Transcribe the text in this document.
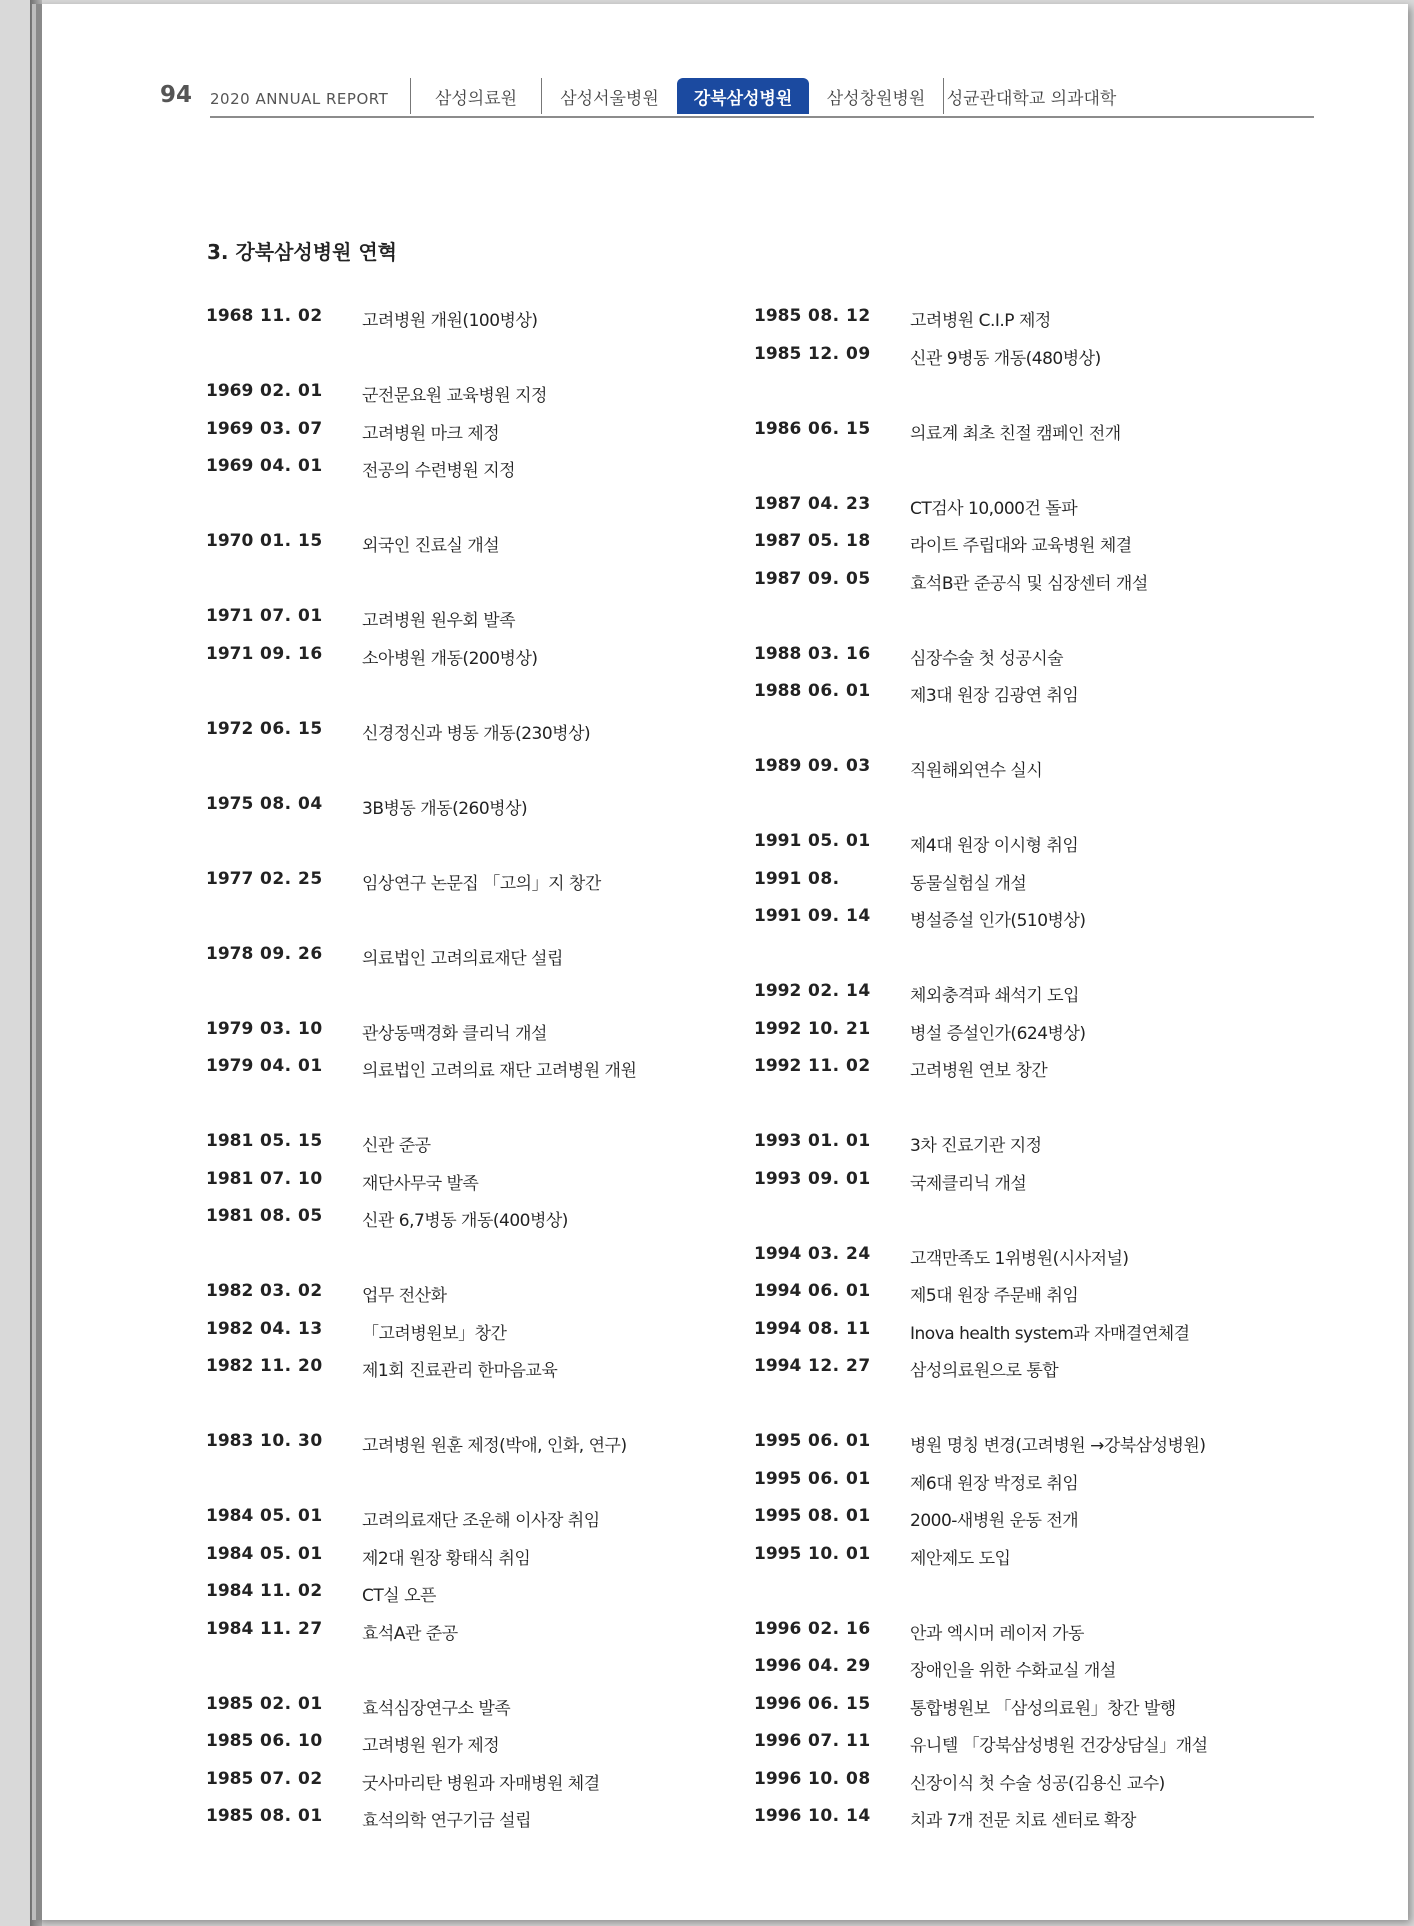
94 2020 ANNUAL REPORT	삼성의료원	삼성서울병원	강북삼성병원	삼성창원병원	성균관대학교 의과대학
3. 강북삼성병원 연혁
1968 11. 02 고려병원 개원(100병상)
1969 02. 01 군전문요원 교육병원 지정
1969 03. 07 고려병원 마크 제정
1969 04. 01 전공의 수련병원 지정
1970 01. 15 외국인 진료실 개설
1971 07. 01 고려병원 원우회 발족
1971 09. 16 소아병원 개동(200병상)
1972 06. 15 신경정신과 병동 개동(230병상)
1975 08. 04 3B병동 개동(260병상)
1977 02. 25 임상연구 논문집 「고의」지 창간
1978 09. 26 의료법인 고려의료재단 설립
1979 03. 10 관상동맥경화 클리닉 개설
1979 04. 01 의료법인 고려의료 재단 고려병원 개원
1981 05. 15 신관 준공
1981 07. 10 재단사무국 발족
1981 08. 05 신관 6,7병동 개동(400병상)
1982 03. 02 업무 전산화
1982 04. 13 「고려병원보」창간
1982 11. 20 제1회 진료관리 한마음교육
1983 10. 30 고려병원 원훈 제정(박애, 인화, 연구)
1984 05. 01 고려의료재단 조운해 이사장 취임
1984 05. 01 제2대 원장 황태식 취임
1984 11. 02 CT실 오픈
1984 11. 27 효석A관 준공
1985 02. 01 효석심장연구소 발족
1985 06. 10 고려병원 원가 제정
1985 07. 02 굿사마리탄 병원과 자매병원 체결
1985 08. 01 효석의학 연구기금 설립
1985 08. 12 고려병원 C.I.P 제정
1985 12. 09 신관 9병동 개동(480병상)
1986 06. 15 의료계 최초 친절 캠페인 전개
1987 04. 23 CT검사 10,000건 돌파
1987 05. 18 라이트 주립대와 교육병원 체결
1987 09. 05 효석B관 준공식 및 심장센터 개설
1988 03. 16 심장수술 첫 성공시술
1988 06. 01 제3대 원장 김광연 취임
1989 09. 03 직원해외연수 실시
1991 05. 01 제4대 원장 이시형 취임
1991 08.	동물실험실 개설
1991 09. 14 병설증설 인가(510병상)
1992 02. 14 체외충격파 쇄석기 도입
1992 10. 21 병설 증설인가(624병상)
1992 11. 02 고려병원 연보 창간
1993 01. 01 3차 진료기관 지정
1993 09. 01 국제클리닉 개설
1994 03. 24 고객만족도 1위병원(시사저널)
1994 06. 01 제5대 원장 주문배 취임
1994 08. 11 Inova health system과 자매결연체결
1994 12. 27 삼성의료원으로 통합
1995 06. 01 병원 명칭 변경(고려병원 →강북삼성병원)
1995 06. 01 제6대 원장 박정로 취임
1995 08. 01 2000-새병원 운동 전개
1995 10. 01 제안제도 도입
1996 02. 16 안과 엑시머 레이저 가동
1996 04. 29 장애인을 위한 수화교실 개설
1996 06. 15 통합병원보 「삼성의료원」창간 발행
1996 07. 11 유니텔 「강북삼성병원 건강상담실」개설
1996 10. 08 신장이식 첫 수술 성공(김용신 교수)
1996 10. 14 치과 7개 전문 치료 센터로 확장
